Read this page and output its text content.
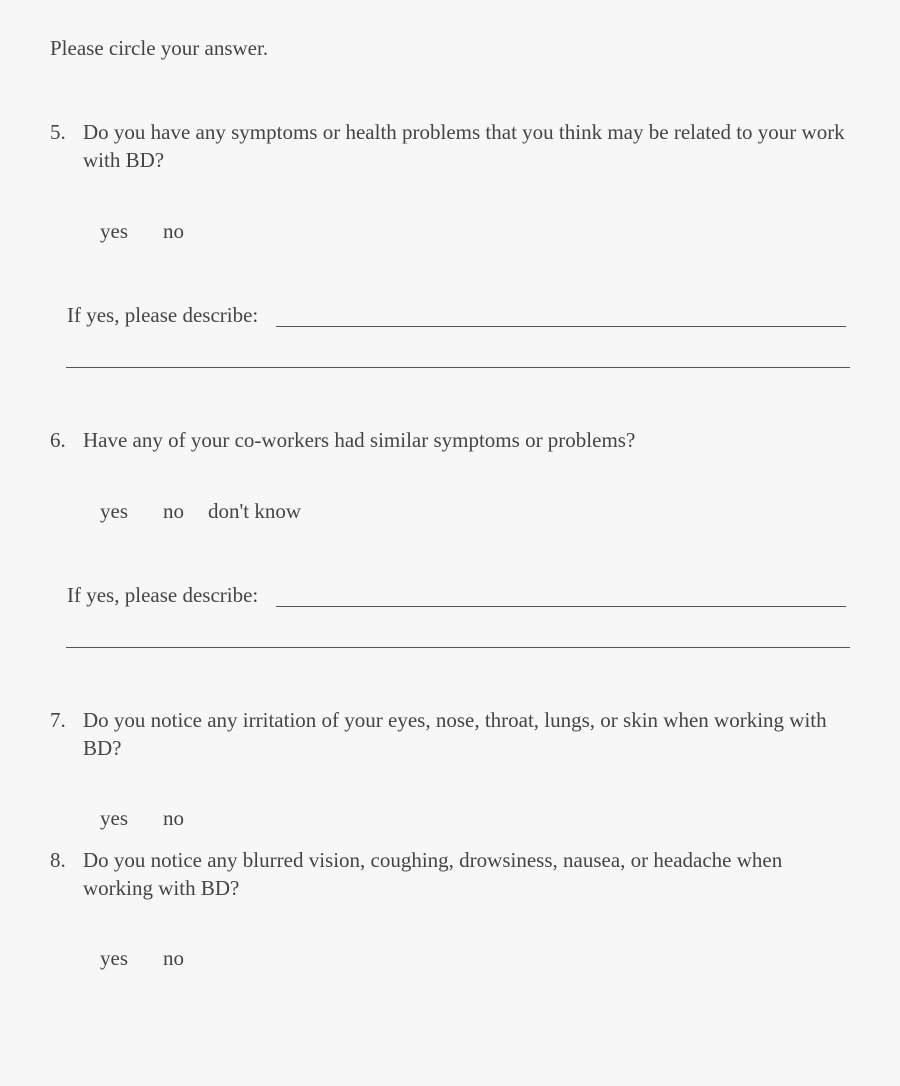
Please circle your answer.
5. Do you have any symptoms or health problems that you think may be related to your work with BD?
yes no
If yes, please describe:
6. Have any of your co-workers had similar symptoms or problems?
yes no don't know
If yes, please describe:
7. Do you notice any irritation of your eyes, nose, throat, lungs, or skin when working with BD?
yes no
8. Do you notice any blurred vision, coughing, drowsiness, nausea, or headache when working with BD?
yes no
